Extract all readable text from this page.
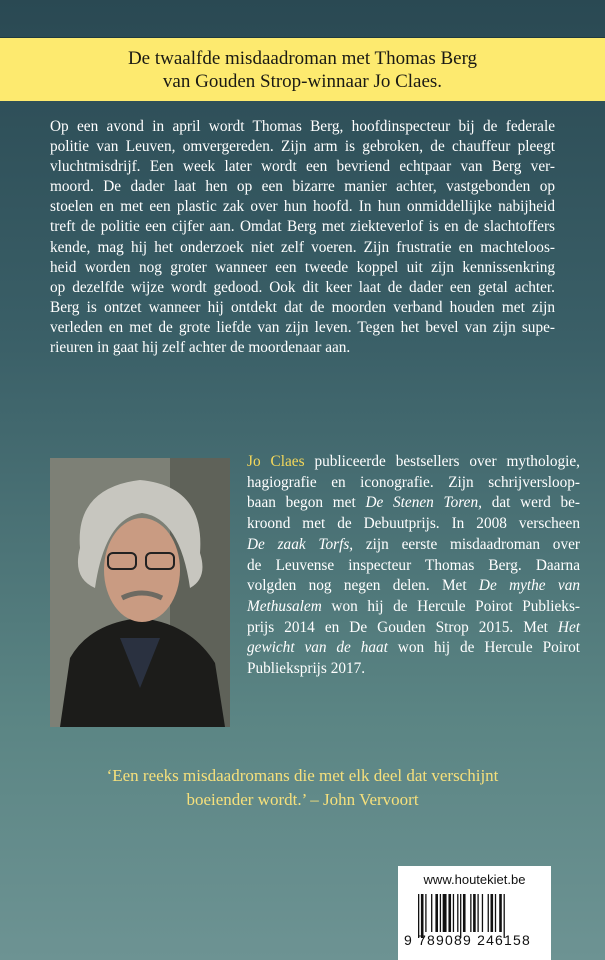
De twaalfde misdaadroman met Thomas Berg
van Gouden Strop-winnaar Jo Claes.
Op een avond in april wordt Thomas Berg, hoofdinspecteur bij de federale
politie van Leuven, omvergereden. Zijn arm is gebroken, de chauffeur pleegt
vluchtmisdrijf. Een week later wordt een bevriend echtpaar van Berg ver-
moord. De dader laat hen op een bizarre manier achter, vastgebonden op
stoelen en met een plastic zak over hun hoofd. In hun onmiddellijke nabijheid
treft de politie een cijfer aan. Omdat Berg met ziekteverlof is en de slachtoffers
kende, mag hij het onderzoek niet zelf voeren. Zijn frustratie en machteloos-
heid worden nog groter wanneer een tweede koppel uit zijn kennissenkring
op dezelfde wijze wordt gedood. Ook dit keer laat de dader een getal achter.
Berg is ontzet wanneer hij ontdekt dat de moorden verband houden met zijn
verleden en met de grote liefde van zijn leven. Tegen het bevel van zijn supe-
rieuren in gaat hij zelf achter de moordenaar aan.
Jo Claes publiceerde bestsellers over mythologie,
hagiografie en iconografie. Zijn schrijversloop-
baan begon met De Stenen Toren, dat werd be-
kroond met de Debuutprijs. In 2008 verscheen
De zaak Torfs, zijn eerste misdaadroman over
de Leuvense inspecteur Thomas Berg. Daarna
volgden nog negen delen. Met De mythe van
Methusalem won hij de Hercule Poirot Publieks-
prijs 2014 en De Gouden Strop 2015. Met Het
gewicht van de haat won hij de Hercule Poirot
Publieksprijs 2017.
‘Een reeks misdaadromans die met elk deel dat verschijnt
boeiender wordt.’ – John Vervoort
www.houtekiet.be
9 789089 246158
